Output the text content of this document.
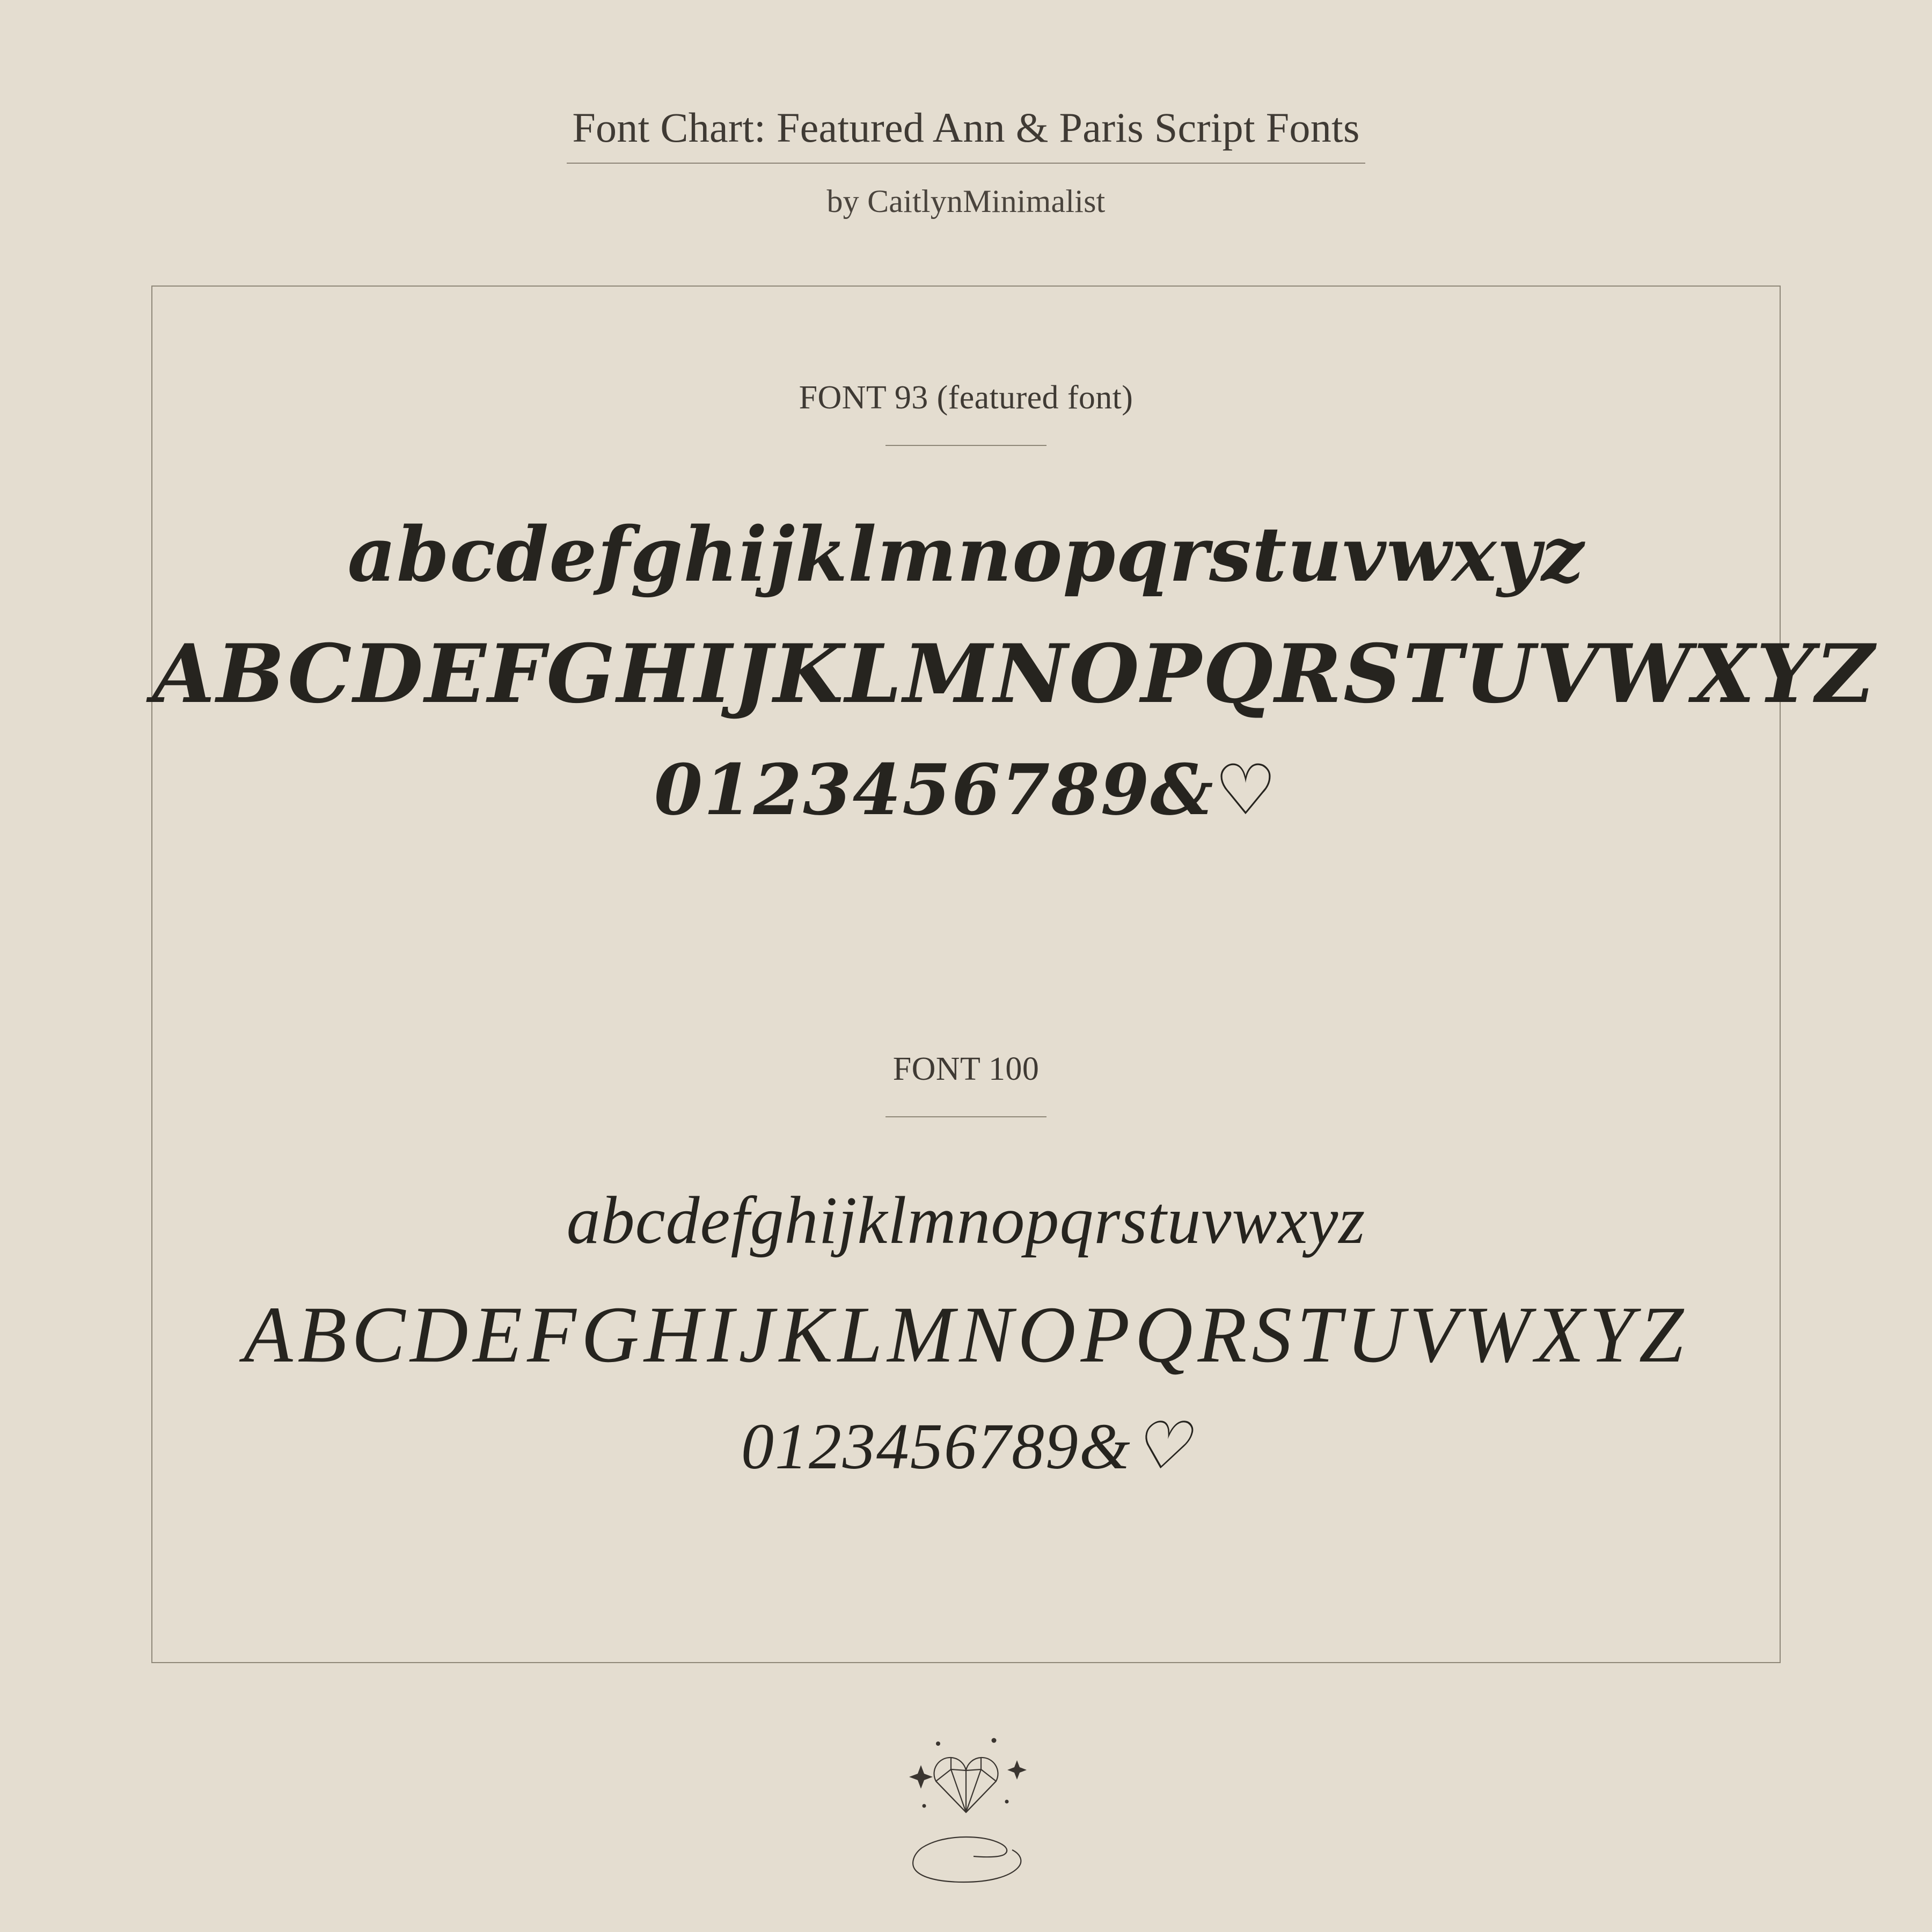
Font Chart: Featured Ann & Paris Script Fonts
by CaitlynMinimalist
FONT 93 (featured font)
abcdefghijklmnopqrstuvwxyz
ABCDEFGHIJKLMNOPQRSTUVWXYZ
0123456789&♡
FONT 100
abcdefghijklmnopqrstuvwxyz
ABCDEFGHIJKLMNOPQRSTUVWXYZ
0123456789&♡
